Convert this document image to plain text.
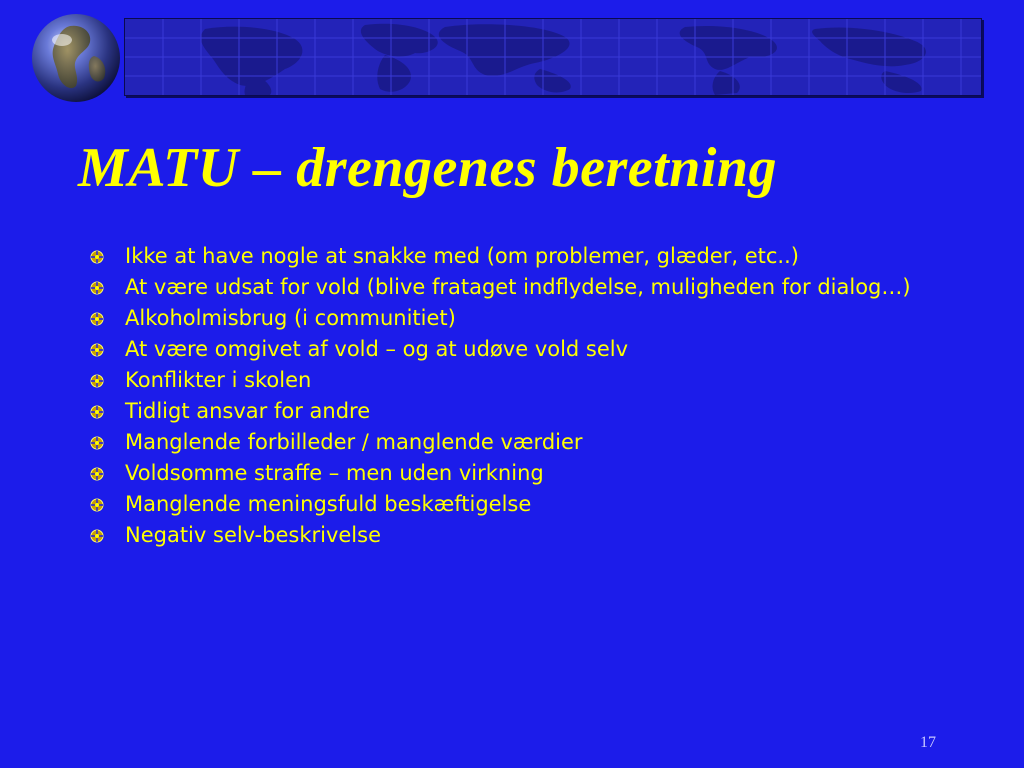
MATU – drengenes beretning
Ikke at have nogle at snakke med (om problemer, glæder, etc..)
At være udsat for vold (blive frataget indflydelse, muligheden for dialog…)
Alkoholmisbrug (i communitiet)
At være omgivet af vold – og at udøve vold selv
Konflikter i skolen
Tidligt ansvar for andre
Manglende forbilleder / manglende værdier
Voldsomme straffe – men uden virkning
Manglende meningsfuld beskæftigelse
Negativ selv-beskrivelse
17
